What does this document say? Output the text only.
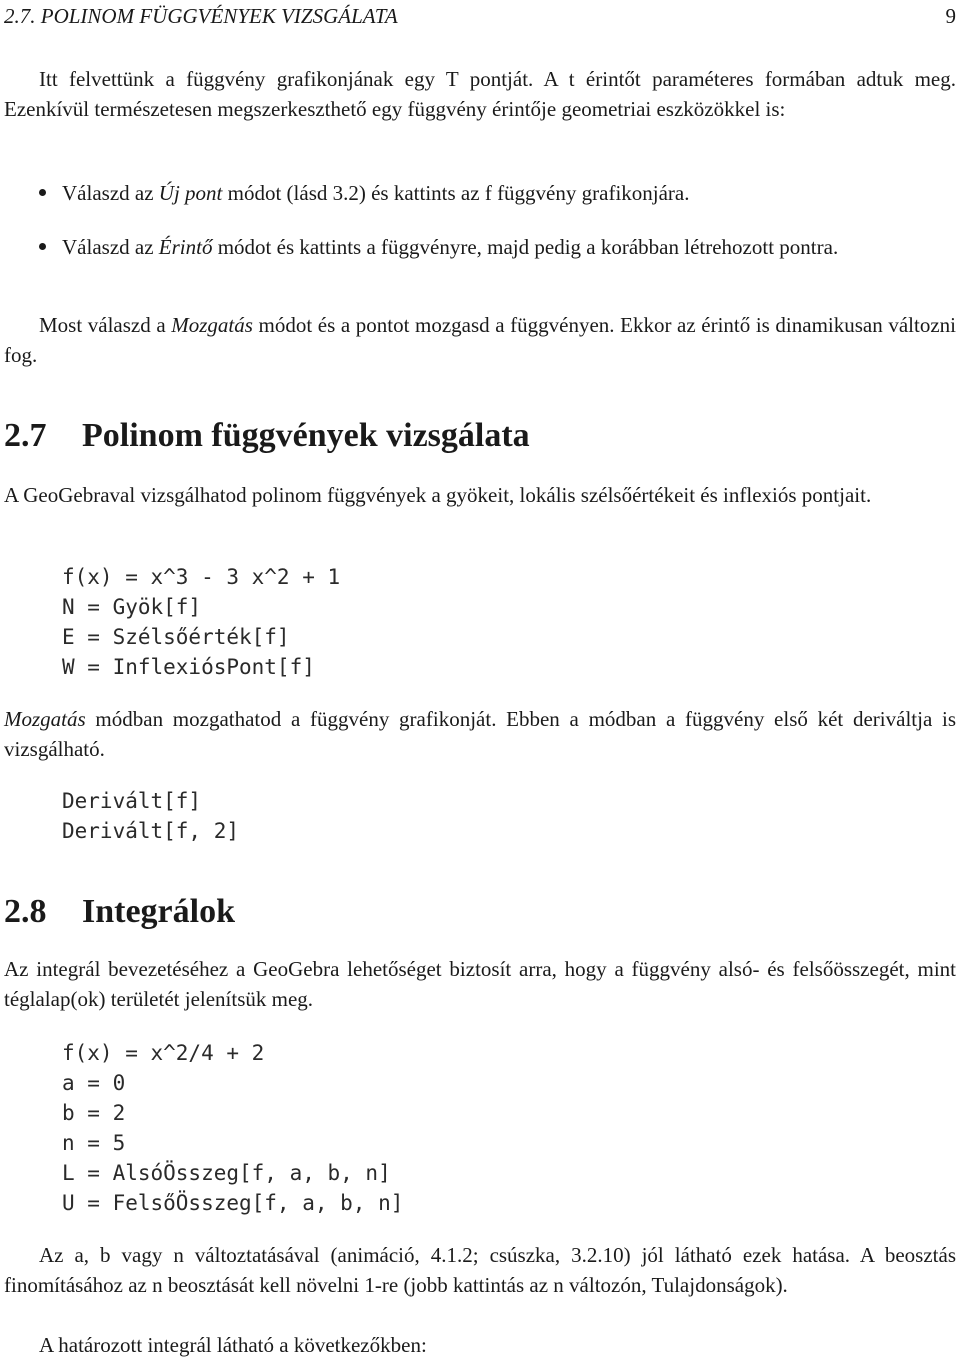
2.7. POLINOM FÜGGVÉNYEK VIZSGÁLATA	9

Itt felvettünk a függvény grafikonjának egy T pontját. A t érintőt paraméteres formában adtuk meg. Ezenkívül természetesen megszerkeszthető egy függvény érintője geometriai eszközökkel is:

Válaszd az Új pont módot (lásd 3.2) és kattints az f függvény grafikonjára.
Válaszd az Érintő módot és kattints a függvényre, majd pedig a korábban létrehozott pontra.

Most válaszd a Mozgatás módot és a pontot mozgasd a függvényen. Ekkor az érintő is dinamikusan változni fog.

2.7 Polinom függvények vizsgálata

A GeoGebraval vizsgálhatod polinom függvények a gyökeit, lokális szélsőértékeit és inflexiós pontjait.

f(x) = x^3 - 3 x^2 + 1
N = Gyök[f]
E = Szélsőérték[f]
W = InflexiósPont[f]

Mozgatás módban mozgathatod a függvény grafikonját. Ebben a módban a függvény első két deriváltja is vizsgálható.

Derivált[f]
Derivált[f, 2]
2.8 Integrálok

Az integrál bevezetéséhez a GeoGebra lehetőséget biztosít arra, hogy a függvény alsó- és felsőösszegét, mint téglalap(ok) területét jelenítsük meg.

f(x) = x^2/4 + 2
a = 0
b = 2
n = 5
L = AlsóÖsszeg[f, a, b, n]
U = FelsőÖsszeg[f, a, b, n]

Az a, b vagy n változtatásával (animáció, 4.1.2; csúszka, 3.2.10) jól látható ezek hatása. A beosztás finomításához az n beosztását kell növelni 1-re (jobb kattintás az n változón, Tulajdonságok).

A határozott integrál látható a következőkben:
